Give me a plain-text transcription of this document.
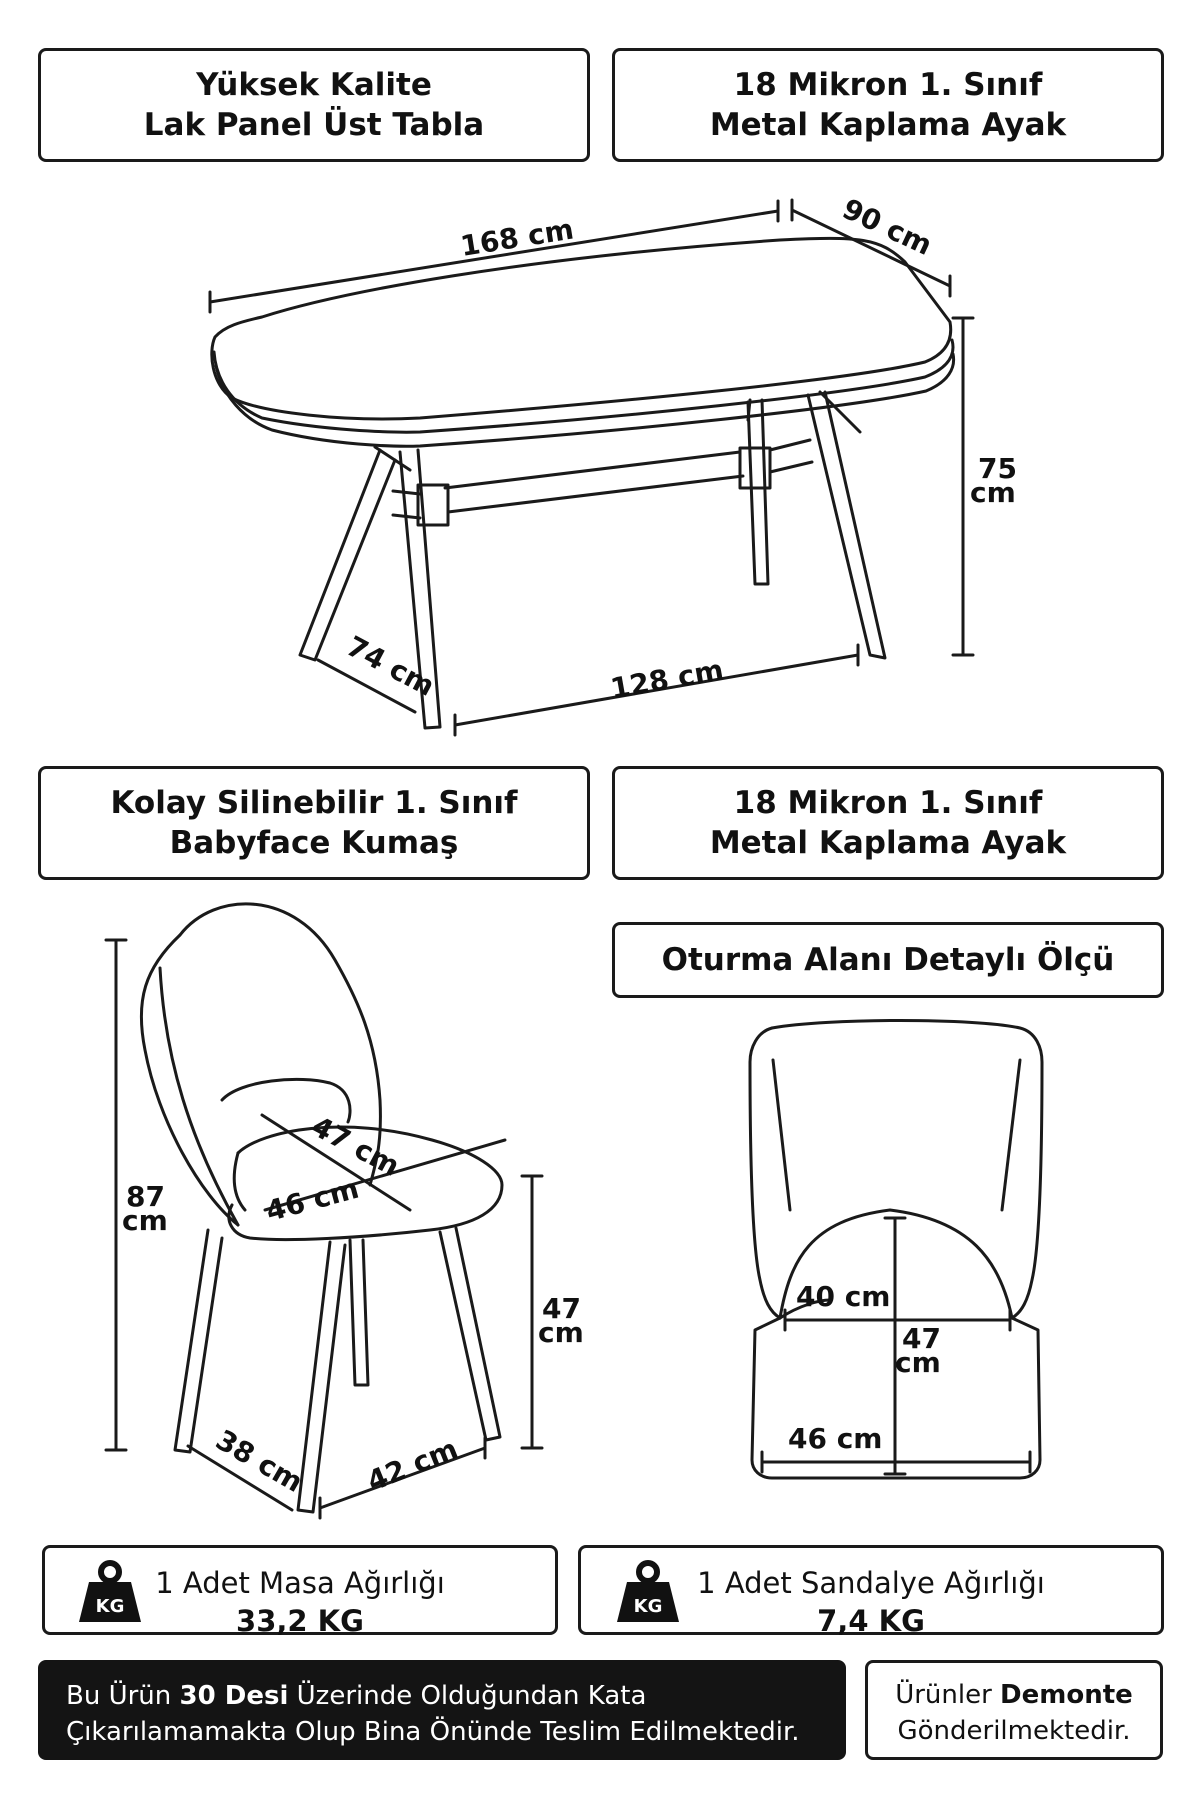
Yüksek Kalite
Lak Panel Üst Tabla
18 Mikron 1. Sınıf
Metal Kaplama Ayak
Kolay Silinebilir 1. Sınıf
Babyface Kumaş
18 Mikron 1. Sınıf
Metal Kaplama Ayak
Oturma Alanı Detaylı Ölçü
168 cm	90 cm
75
cm
74 cm	128 cm
87
cm
47 cm
46 cm
47
cm
38 cm 42 cm
40 cm
47
cm
46 cm
KG
1 Adet Masa Ağırlığı
33,2 KG	KG
1 Adet Sandalye Ağırlığı
7,4 KG
Bu Ürün 30 Desi Üzerinde Olduğundan Kata
Çıkarılamamakta Olup Bina Önünde Teslim Edilmektedir.
Ürünler Demonte
Gönderilmektedir.
